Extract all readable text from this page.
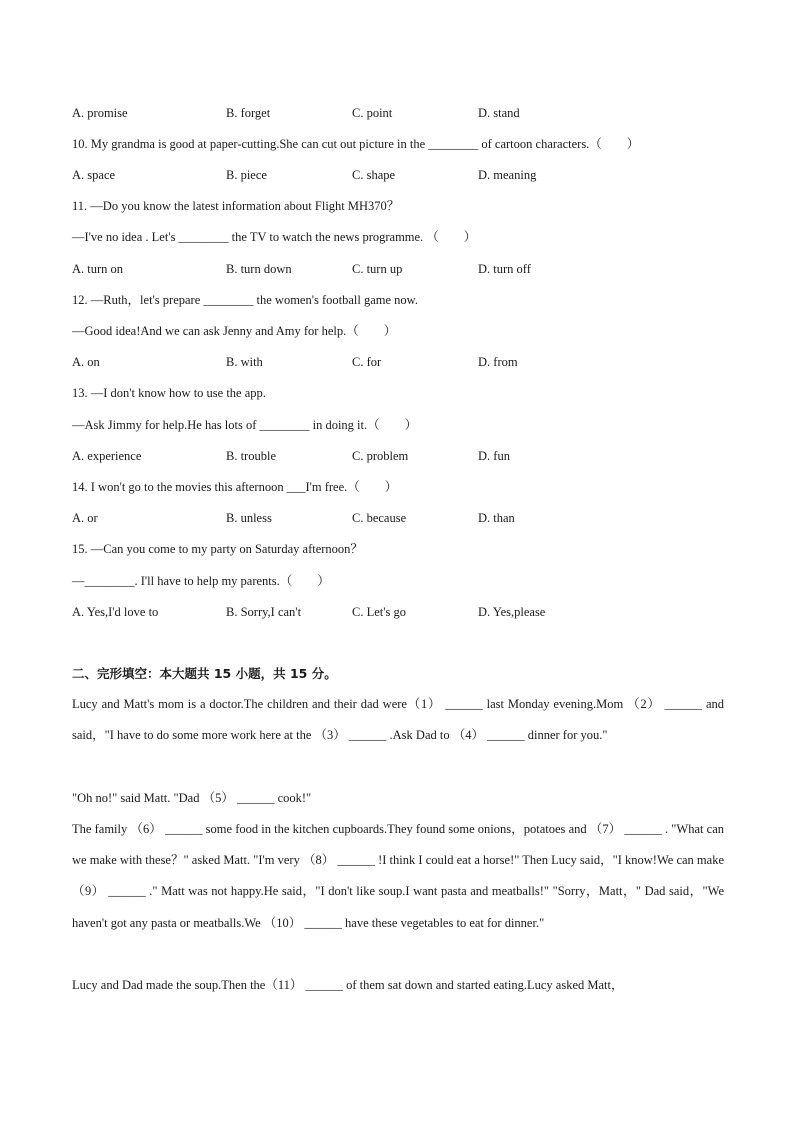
A. promise	B. forget	C. point	D. stand
10. My grandma is good at paper-cutting.She can cut out picture in the ________ of cartoon characters.（　　）
A. space	B. piece	C. shape	D. meaning
11. —Do you know the latest information about Flight MH370？
—I've no idea . Let's ________ the TV to watch the news programme. （　　）
A. turn on	B. turn down	C. turn up	D. turn off
12. —Ruth，let's prepare ________ the women's football game now.
—Good idea!And we can ask Jenny and Amy for help.（　　）
A. on	B. with	C. for	D. from
13. —I don't know how to use the app.
—Ask Jimmy for help.He has lots of ________ in doing it.（　　）
A. experience	B. trouble	C. problem	D. fun
14. I won't go to the movies this afternoon ___I'm free.（　　）
A. or	B. unless	C. because	D. than
15. —Can you come to my party on Saturday afternoon？
—________. I'll have to help my parents.（　　）
A. Yes,I'd love to	B. Sorry,I can't	C. Let's go	D. Yes,please
二、完形填空：本大题共 15 小题，共 15 分。
Lucy and Matt's mom is a doctor.The children and their dad were（1） ______ last Monday evening.Mom （2） ______ and said，"I have to do some more work here at the （3） ______ .Ask Dad to （4） ______ dinner for you."
"Oh no!" said Matt. "Dad （5） ______ cook!"
The family （6） ______ some food in the kitchen cupboards.They found some onions，potatoes and （7） ______ . "What can we make with these？" asked Matt. "I'm very （8） ______ !I think I could eat a horse!" Then Lucy said，"I know!We can make （9） ______ ." Matt was not happy.He said，"I don't like soup.I want pasta and meatballs!" "Sorry，Matt，" Dad said，"We haven't got any pasta or meatballs.We （10） ______ have these vegetables to eat for dinner."
Lucy and Dad made the soup.Then the（11） ______ of them sat down and started eating.Lucy asked Matt，
